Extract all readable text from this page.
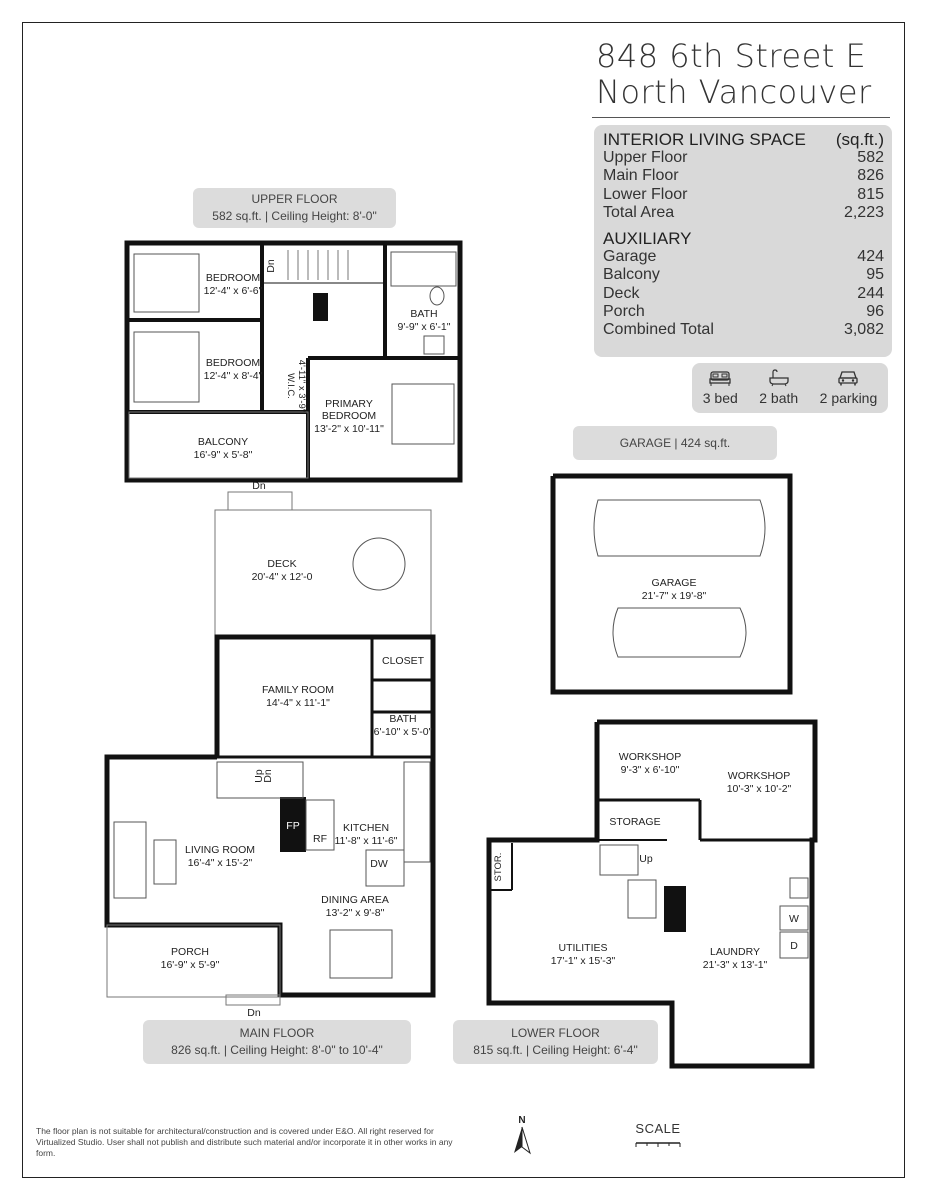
848 6th Street E
North Vancouver
INTERIOR LIVING SPACE (sq.ft.)
Upper Floor	582
Main Floor	826
Lower Floor	815
Total Area	2,223
AUXILIARY
Garage	424
Balcony	95
Deck	244
Porch	96
Combined Total	3,082
3 bed 2 bath 2 parking
UPPER FLOOR
582 sq.ft. | Ceiling Height: 8'-0"
GARAGE | 424 sq.ft.
MAIN FLOOR
826 sq.ft. | Ceiling Height: 8'-0" to 10'-4"
LOWER FLOOR
815 sq.ft. | Ceiling Height: 6'-4"
BEDROOM
12'-4" x 6'-6"
BEDROOM
12'-4" x 8'-4"
BATH
9'-9" x 6'-1"
W.I.C. 4'-11" x 3'-9" PRIMARY
BEDROOM
13'-2" x 10'-11"
BALCONY
16'-9" x 5'-8"
Dn
Dn
DECK
20'-4" x 12'-0
FAMILY ROOM
14'-4" x 11'-1"
CLOSET
BATH
6'-10" x 5'-0"
KITCHEN
11'-8" x 11'-6"
LIVING ROOM
16'-4" x 15'-2"
DINING AREA
13'-2" x 9'-8"
PORCH
16'-9" x 5'-9"
Dn
Up
Dn
FP
RF
DW
GARAGE
21'-7" x 19'-8"
WORKSHOP
9'-3" x 6'-10"	WORKSHOP
10'-3" x 10'-2"
STORAGE
STOR.
UTILITIES
17'-1" x 15'-3"
LAUNDRY
21'-3" x 13'-1"
Up
W
D
The floor plan is not suitable for architectural/construction and is covered under E&O. All right reserved for Virtualized Studio. User shall not publish and distribute such material and/or incorporate it in other works in any form.
N
SCALE
